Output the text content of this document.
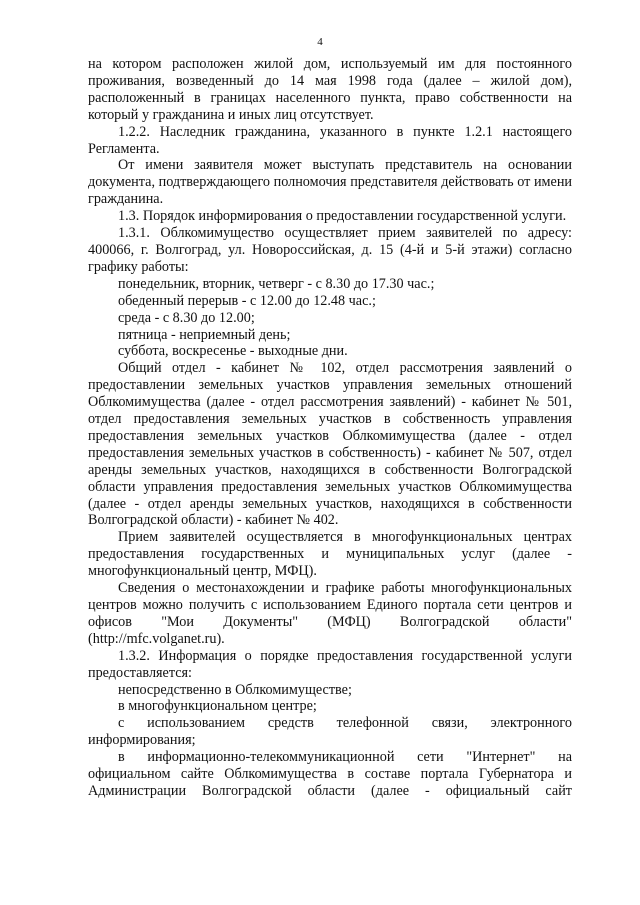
4

на котором расположен жилой дом, используемый им для постоянного проживания, возведенный до 14 мая 1998 года (далее – жилой дом), расположенный в границах населенного пункта, право собственности на который у гражданина и иных лиц отсутствует.

1.2.2. Наследник гражданина, указанного в пункте 1.2.1 настоящего Регламента.

От имени заявителя может выступать представитель на основании документа, подтверждающего полномочия представителя действовать от имени гражданина.

1.3. Порядок информирования о предоставлении государственной услуги.

1.3.1. Облкомимущество осуществляет прием заявителей по адресу: 400066, г. Волгоград, ул. Новороссийская, д. 15 (4-й и 5-й этажи) согласно графику работы:

понедельник, вторник, четверг - с 8.30 до 17.30 час.;

обеденный перерыв - с 12.00 до 12.48 час.;

среда - с 8.30 до 12.00;

пятница - неприемный день;

суббота, воскресенье - выходные дни.

Общий отдел - кабинет № 102, отдел рассмотрения заявлений о предоставлении земельных участков управления земельных отношений Облкомимущества (далее - отдел рассмотрения заявлений) - кабинет № 501, отдел предоставления земельных участков в собственность управления предоставления земельных участков Облкомимущества (далее - отдел предоставления земельных участков в собственность) - кабинет № 507, отдел аренды земельных участков, находящихся в собственности Волгоградской области управления предоставления земельных участков Облкомимущества (далее - отдел аренды земельных участков, находящихся в собственности Волгоградской области) - кабинет № 402.

Прием заявителей осуществляется в многофункциональных центрах предоставления государственных и муниципальных услуг (далее - многофункциональный центр, МФЦ).

Сведения о местонахождении и графике работы многофункциональных центров можно получить с использованием Единого портала сети центров и офисов "Мои Документы" (МФЦ) Волгоградской области" (http://mfc.volganet.ru).

1.3.2. Информация о порядке предоставления государственной услуги предоставляется:

непосредственно в Облкомимуществе;

в многофункциональном центре;

с использованием средств телефонной связи, электронного информирования;

в информационно-телекоммуникационной сети "Интернет" на официальном сайте Облкомимущества в составе портала Губернатора и Администрации Волгоградской области (далее - официальный сайт
